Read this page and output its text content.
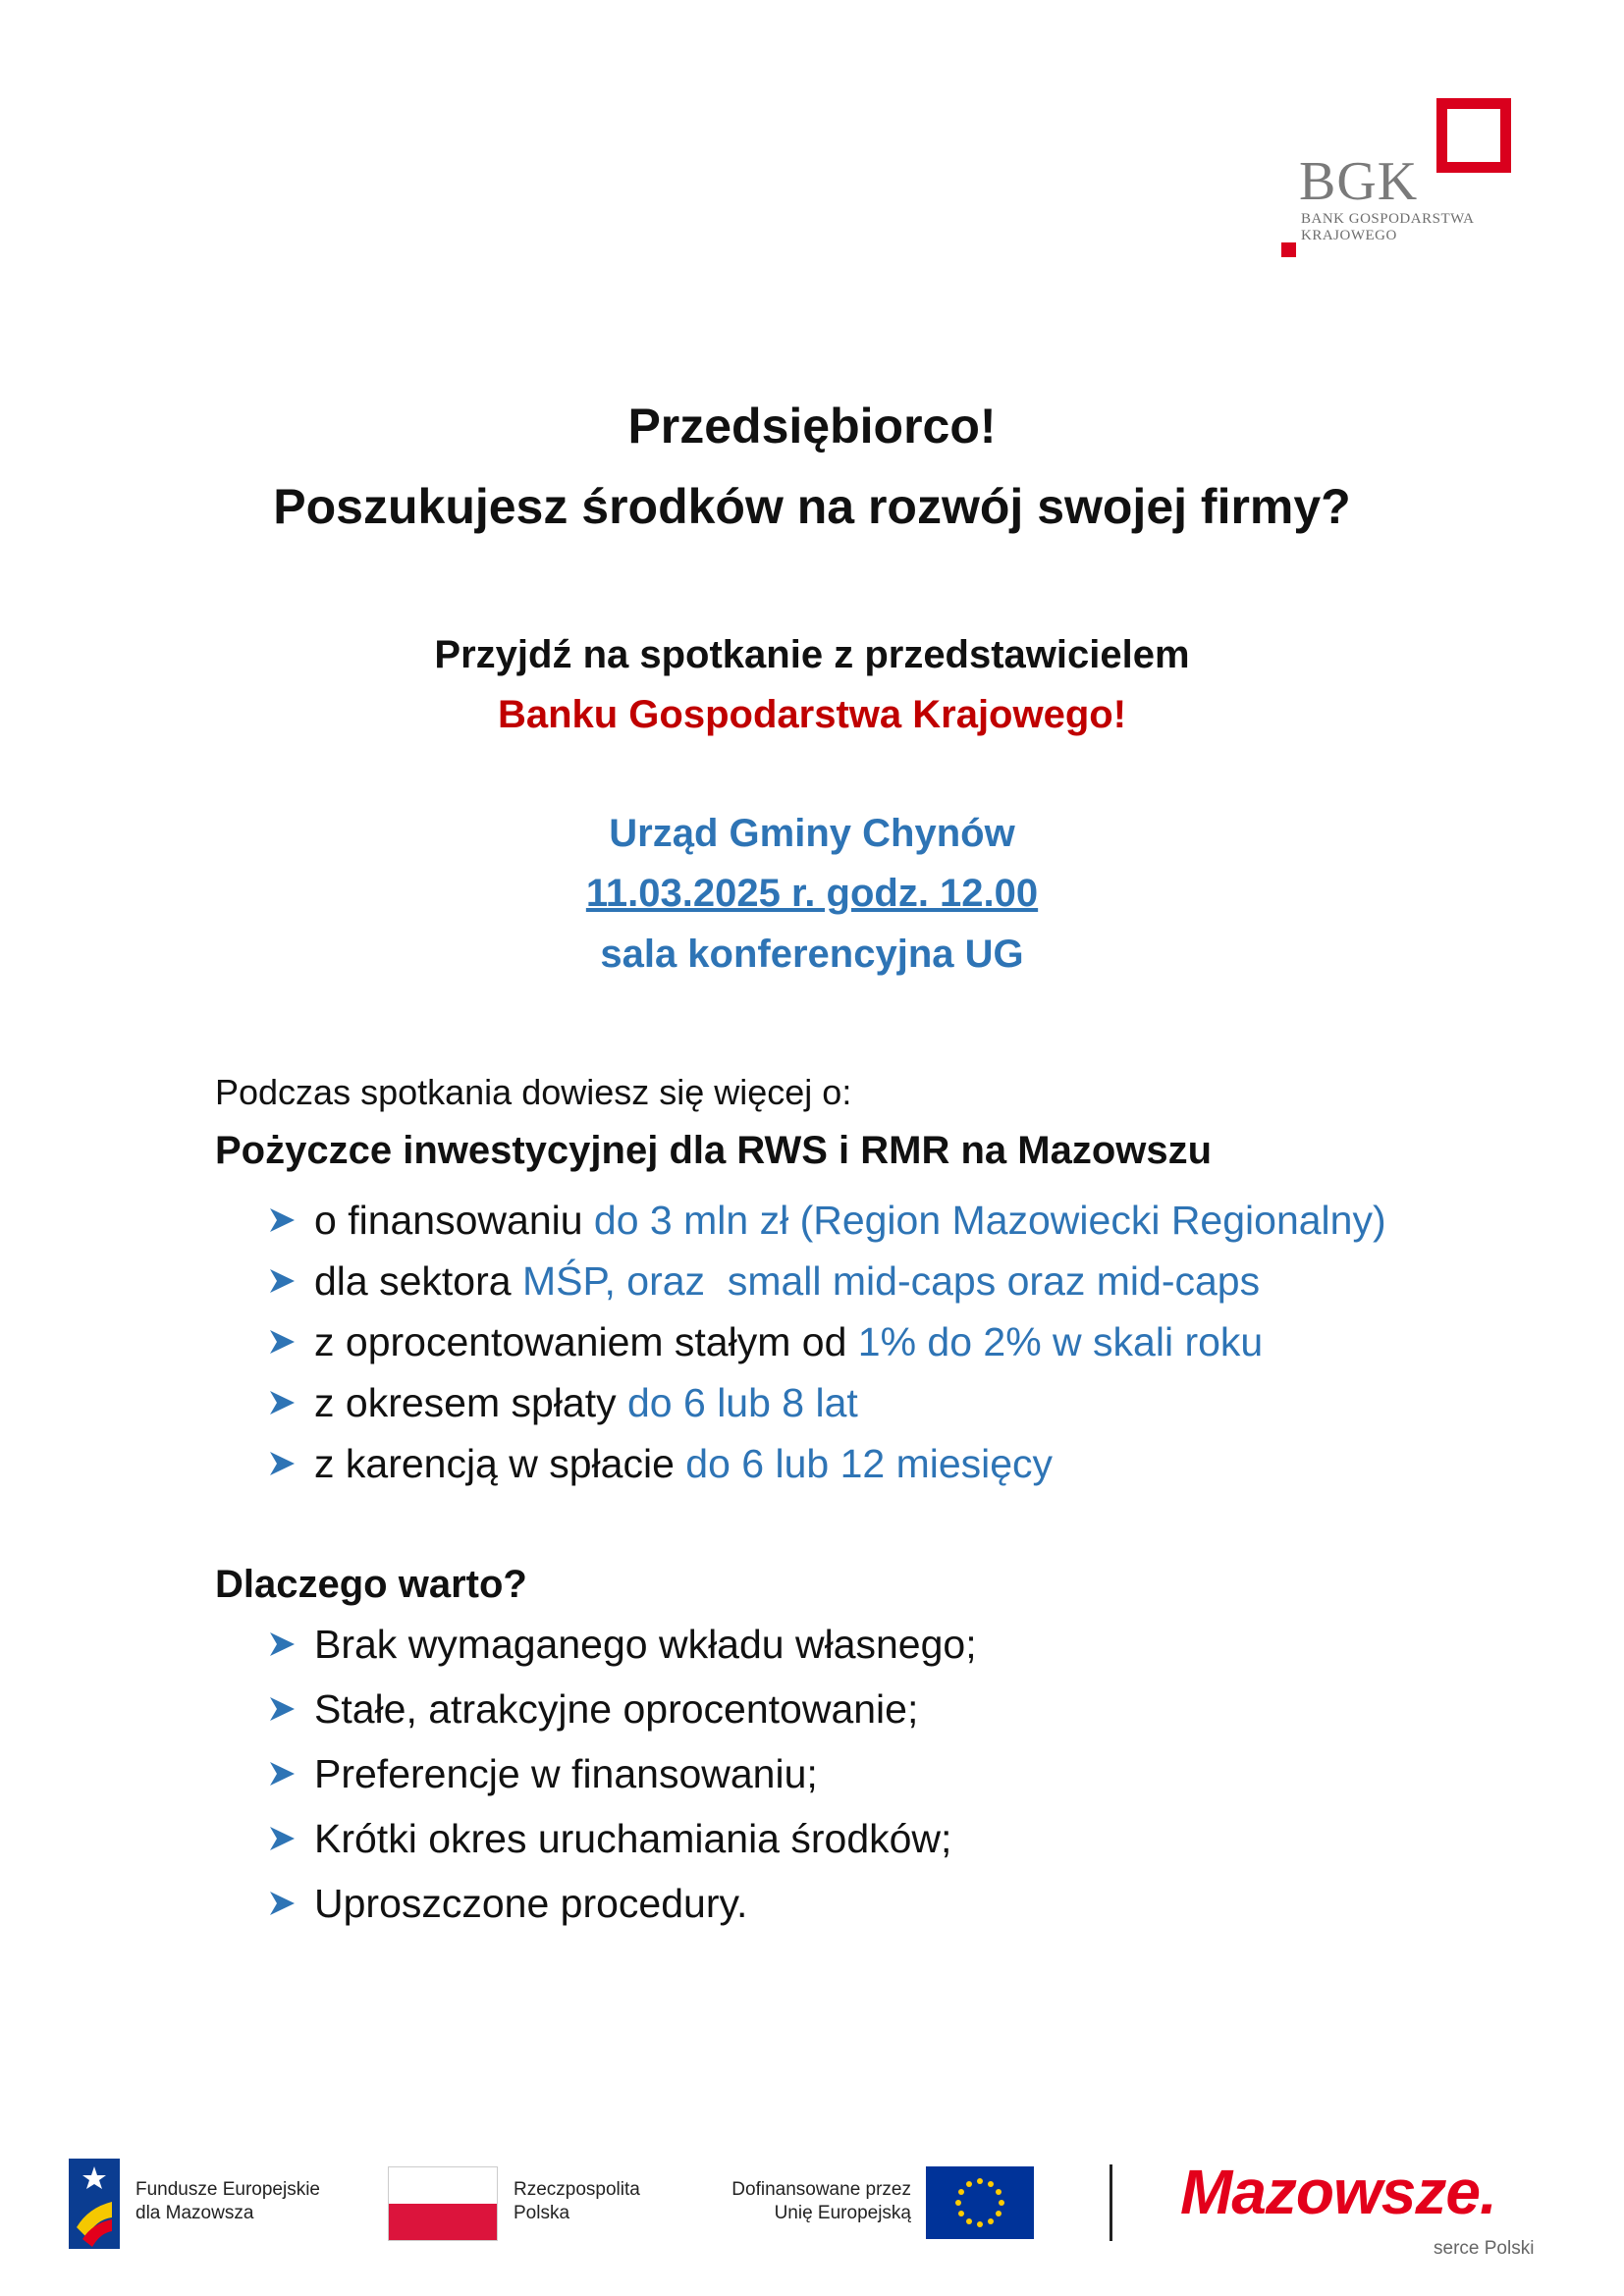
BGK
BANK GOSPODARSTWA
KRAJOWEGO
Przedsiębiorco!
Poszukujesz środków na rozwój swojej firmy?
Przyjdź na spotkanie z przedstawicielem
Banku Gospodarstwa Krajowego!
Urząd Gminy Chynów
11.03.2025 r. godz. 12.00
sala konferencyjna UG
Podczas spotkania dowiesz się więcej o:
Pożyczce inwestycyjnej dla RWS i RMR na Mazowszu
o finansowaniu do 3 mln zł (Region Mazowiecki Regionalny)
dla sektora MŚP, oraz  small mid-caps oraz mid-caps
z oprocentowaniem stałym od 1% do 2% w skali roku
z okresem spłaty do 6 lub 8 lat
z karencją w spłacie do 6 lub 12 miesięcy
Dlaczego warto?
Brak wymaganego wkładu własnego;
Stałe, atrakcyjne oprocentowanie;
Preferencje w finansowaniu;
Krótki okres uruchamiania środków;
Uproszczone procedury.
Fundusze Europejskie
dla Mazowsza
Rzeczpospolita
Polska
Dofinansowane przez
Unię Europejską	Mazowsze.
serce Polski
